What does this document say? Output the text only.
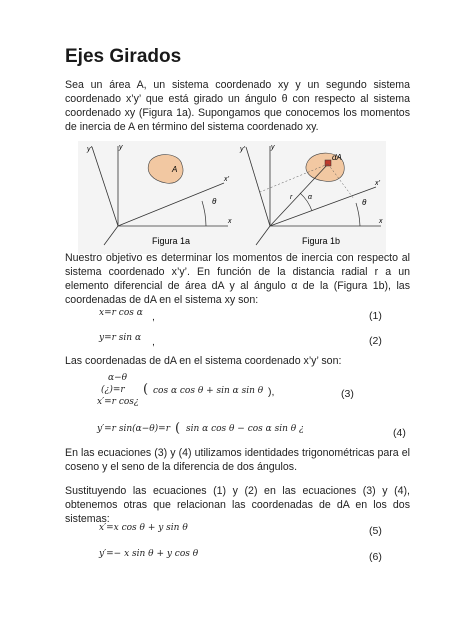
Ejes Girados

Sea un área A, un sistema coordenado xy y un segundo sistema coordenado x’y’ que está girado un ángulo θ con respecto al sistema coordenado xy (Figura 1a). Supongamos que conocemos los momentos de inercia de A en término del sistema coordenado xy.

A
θ
y
y’
x’
x
Figura 1a
dA
r α
θ
y
y’
x’
x
Figura 1b

Nuestro objetivo es determinar los momentos de inercia con respecto al sistema coordenado x’y’. En función de la distancia radial r a un elemento diferencial de área dA y al ángulo α de la (Figura 1b), las coordenadas de dA en el sistema xy son:

x=r cos α ,	(1)
y=r sin α ,	(2)

Las coordenadas de dA en el sistema coordenado x’y’ son:

α−θ
(¿)=r
x′=r cos¿
( cos α cos θ + sin α sin θ ),	(3)
y′=r sin(α−θ)=r ( sin α cos θ − cos α sin θ ¿	(4)

En las ecuaciones (3) y (4) utilizamos identidades trigonométricas para el coseno y el seno de la diferencia de dos ángulos.

Sustituyendo las ecuaciones (1) y (2) en las ecuaciones (3) y (4), obtenemos otras que relacionan las coordenadas de dA en los dos sistemas:

x′=x cos θ + y sin θ	(5)
y′=− x sin θ + y cos θ	(6)
